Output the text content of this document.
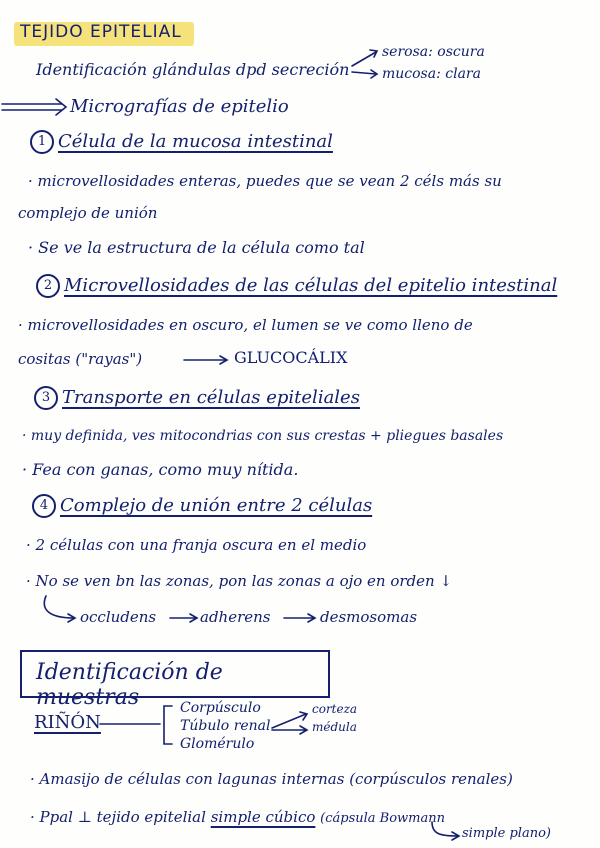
TEJIDO EPITELIAL
Identificación glándulas dpd secreción
serosa: oscura
mucosa: clara
Micrografías de epitelio
1 Célula de la mucosa intestinal
· microvellosidades enteras, puedes que se vean 2 céls más su
complejo de unión
· Se ve la estructura de la célula como tal
2 Microvellosidades de las células del epitelio intestinal
· microvellosidades en oscuro, el lumen se ve como lleno de
cositas ("rayas")	GLUCOCÁLIX
3 Transporte en células epiteliales
· muy definida, ves mitocondrias con sus crestas + pliegues basales
· Fea con ganas, como muy nítida.
4 Complejo de unión entre 2 células
· 2 células con una franja oscura en el medio
· No se ven bn las zonas, pon las zonas a ojo en orden ↓
occludens	adherens	desmosomas
Identificación de muestras
RIÑÓN
Corpúsculo
Túbulo renal
Glomérulo
corteza
médula
· Amasijo de células con lagunas internas (corpúsculos renales)
· Ppal ⊥ tejido epitelial simple cúbico (cápsula Bowmann
simple plano)
